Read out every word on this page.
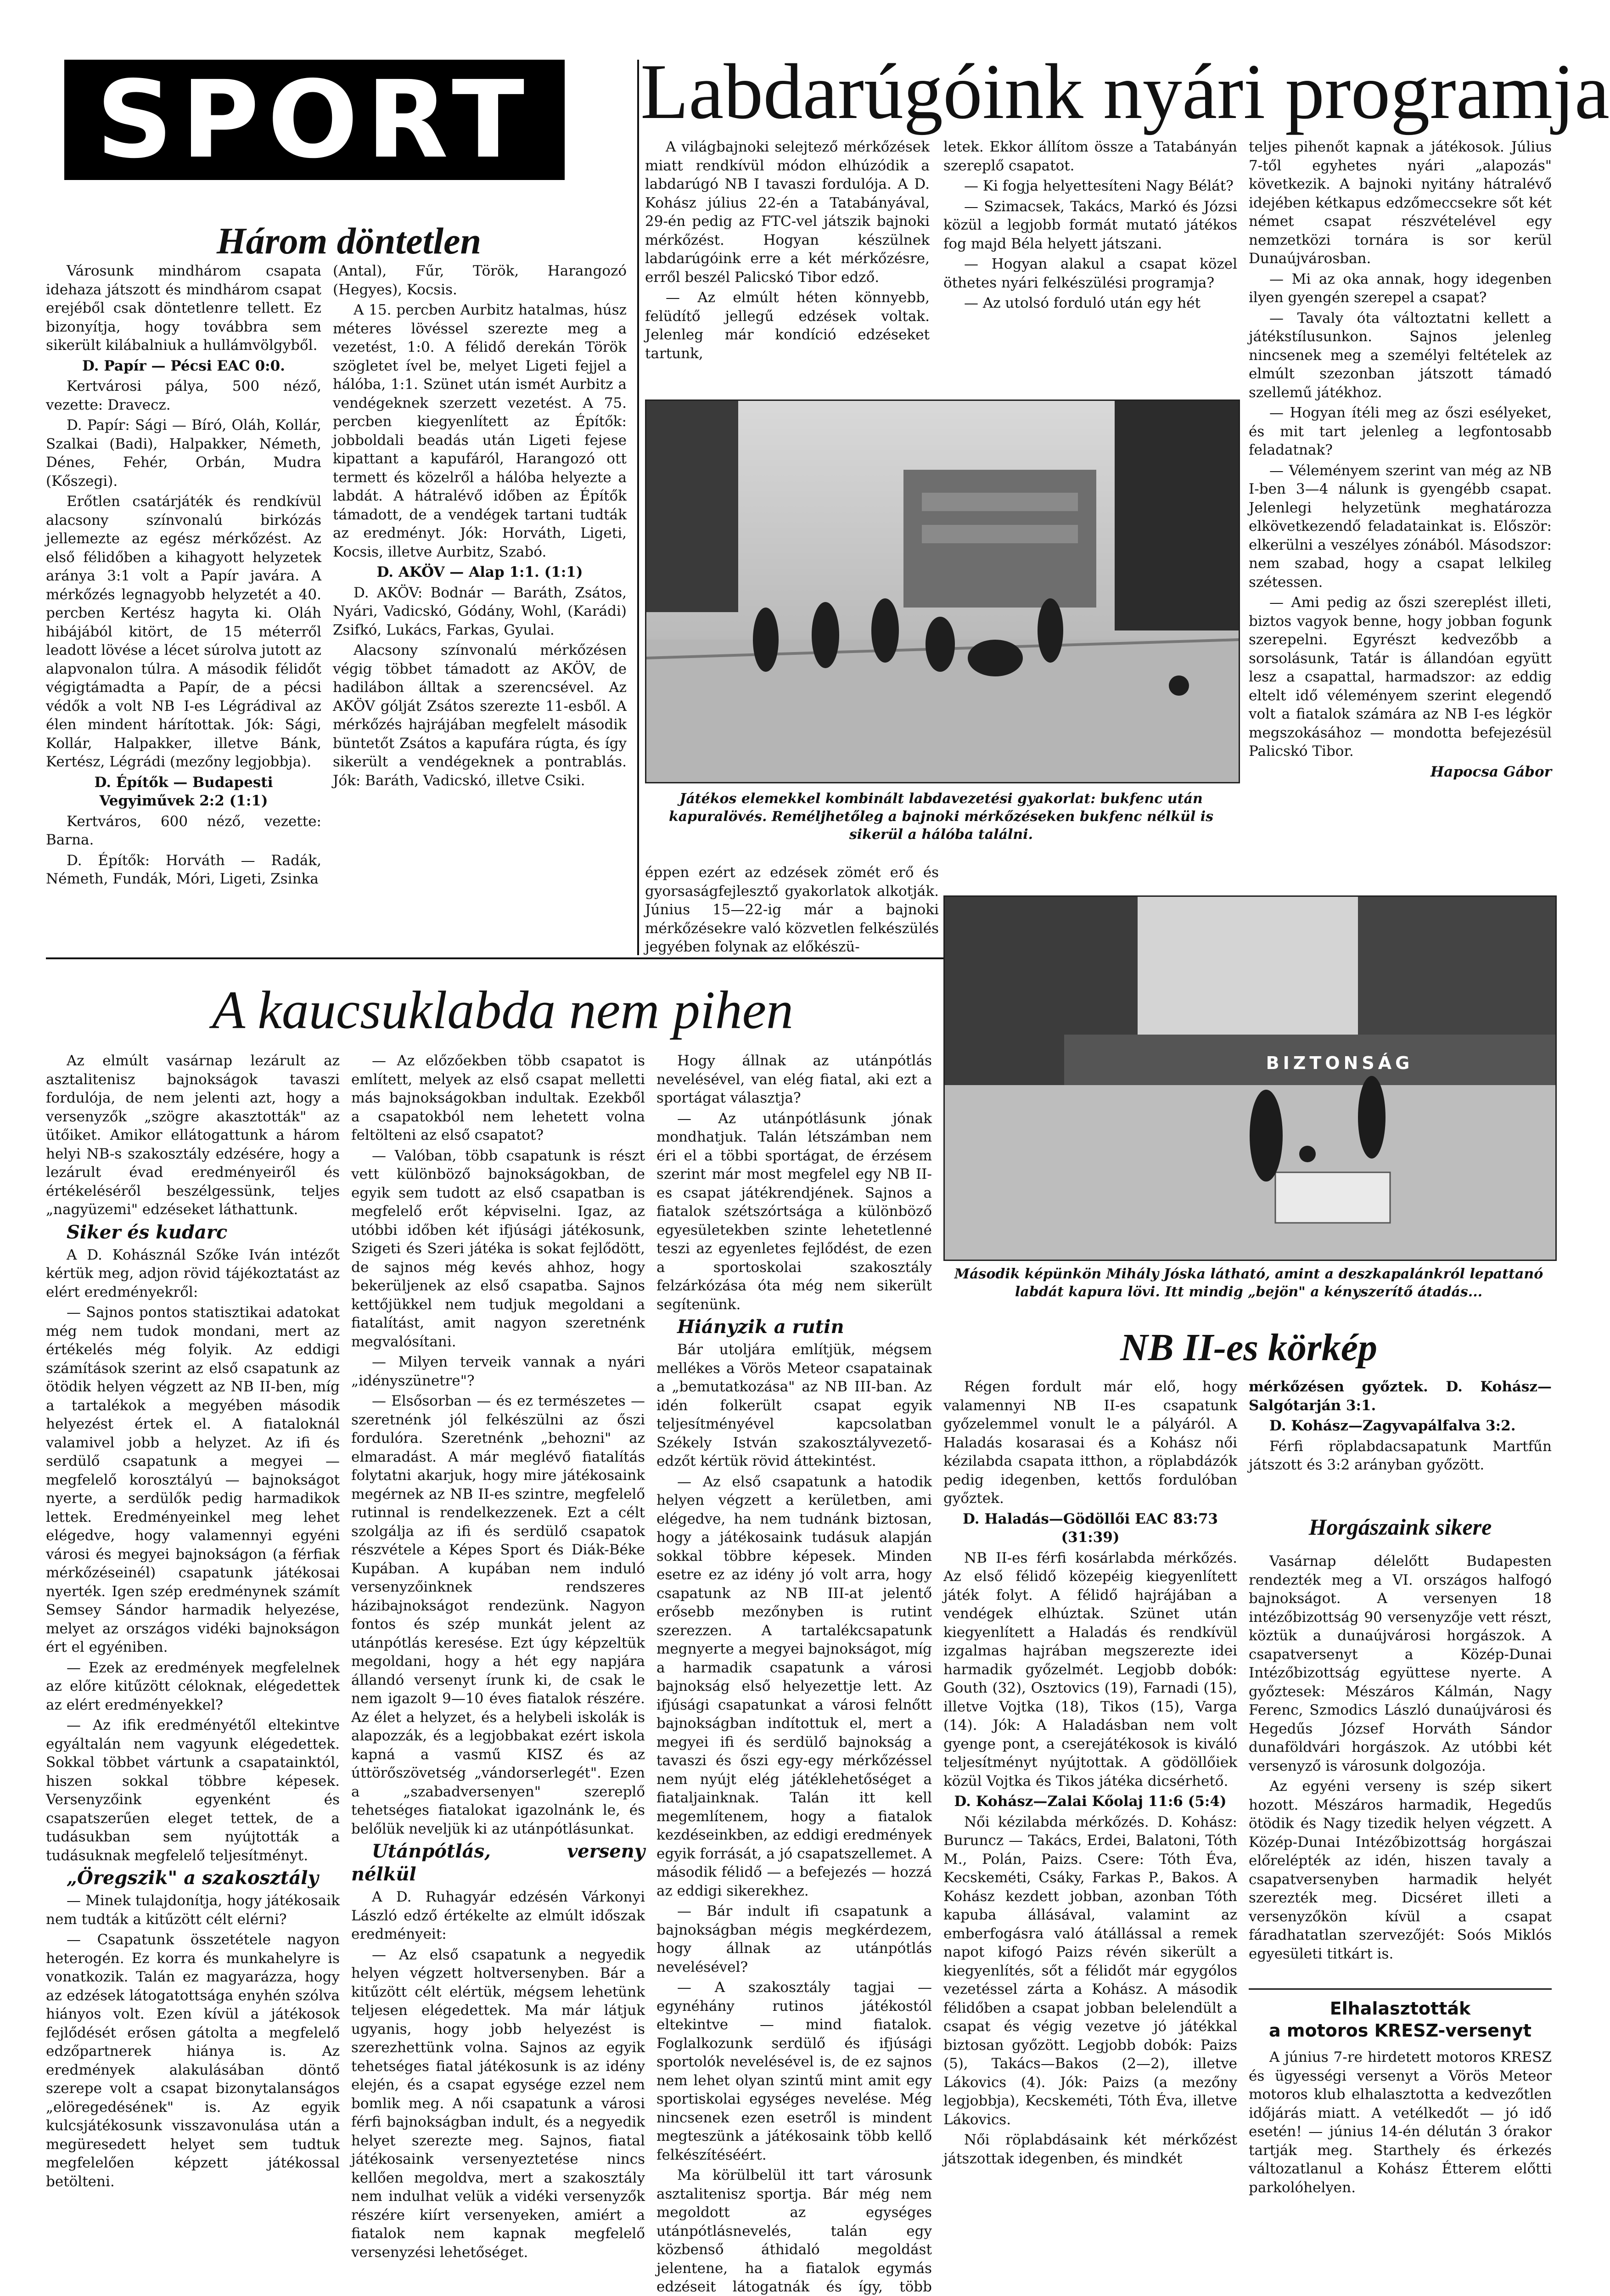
SPORT	Labdarúgóink nyári programja
Három döntetlen

Városunk mindhárom csapata idehaza játszott és mindhárom csapat erejéből csak döntetlenre tellett. Ez bizonyítja, hogy továbbra sem sikerült kilábalniuk a hullámvölgyből.

D. Papír — Pécsi EAC 0:0.

Kertvárosi pálya, 500 néző, vezette: Dravecz.

D. Papír: Sági — Bíró, Oláh, Kollár, Szalkai (Badi), Halpakker, Németh, Dénes, Fehér, Orbán, Mudra (Kőszegi).

Erőtlen csatárjáték és rendkívül alacsony színvonalú birkózás jellemezte az egész mérkőzést. Az első félidőben a kihagyott helyzetek aránya 3:1 volt a Papír javára. A mérkőzés legnagyobb helyzetét a 40. percben Kertész hagyta ki. Oláh hibájából kitört, de 15 méterről leadott lövése a lécet súrolva jutott az alapvonalon túlra. A második félidőt végigtámadta a Papír, de a pécsi védők a volt NB I-es Légrádival az élen mindent hárítottak. Jók: Sági, Kollár, Halpakker, illetve Bánk, Kertész, Légrádi (mezőny legjobbja).

D. Építők — Budapesti Vegyiművek 2:2 (1:1)

Kertváros, 600 néző, vezette: Barna.

D. Építők: Horváth — Radák, Németh, Fundák, Móri, Ligeti, Zsinka

(Antal), Fűr, Török, Harangozó (Hegyes), Kocsis.

A 15. percben Aurbitz hatalmas, húsz méteres lövéssel szerezte meg a vezetést, 1:0. A félidő derekán Török szögletet ível be, melyet Ligeti fejjel a hálóba, 1:1. Szünet után ismét Aurbitz a vendégeknek szerzett vezetést. A 75. percben kiegyenlített az Építők: jobboldali beadás után Ligeti fejese kipattant a kapufáról, Harangozó ott termett és közelről a hálóba helyezte a labdát. A hátralévő időben az Építők támadott, de a vendégek tartani tudták az eredményt. Jók: Horváth, Ligeti, Kocsis, illetve Aurbitz, Szabó.

D. AKÖV — Alap 1:1. (1:1)

D. AKÖV: Bodnár — Baráth, Zsátos, Nyári, Vadicskó, Gódány, Wohl, (Karádi) Zsifkó, Lukács, Farkas, Gyulai.

Alacsony színvonalú mérkőzésen végig többet támadott az AKÖV, de hadilábon álltak a szerencsével. Az AKÖV gólját Zsátos szerezte 11-esből. A mérkőzés hajrájában megfelelt második büntetőt Zsátos a kapufára rúgta, és így sikerült a vendégeknek a pontrablás. Jók: Baráth, Vadicskó, illetve Csiki.

A világbajnoki selejtező mérkőzések miatt rendkívül módon elhúzódik a labdarúgó NB I tavaszi fordulója. A D. Kohász július 22-én a Tatabányával, 29-én pedig az FTC-vel játszik bajnoki mérkőzést. Hogyan készülnek labdarúgóink erre a két mérkőzésre, erről beszél Palicskó Tibor edző.

— Az elmúlt héten könnyebb, felüdítő jellegű edzések voltak. Jelenleg már kondíció edzéseket tartunk,

letek. Ekkor állítom össze a Tatabányán szereplő csapatot.

— Ki fogja helyettesíteni Nagy Bélát?

— Szimacsek, Takács, Markó és Józsi közül a legjobb formát mutató játékos fog majd Béla helyett játszani.

— Hogyan alakul a csapat közel öthetes nyári felkészülési programja?

— Az utolsó forduló után egy hét

teljes pihenőt kapnak a játékosok. Július 7-től egyhetes nyári „alapozás" következik. A bajnoki nyitány hátralévő idejében kétkapus edzőmeccsekre sőt két német csapat részvételével egy nemzetközi tornára is sor kerül Dunaújvárosban.

— Mi az oka annak, hogy idegenben ilyen gyengén szerepel a csapat?

— Tavaly óta változtatni kellett a játékstílusunkon. Sajnos jelenleg nincsenek meg a személyi feltételek az elmúlt szezonban játszott támadó szellemű játékhoz.

— Hogyan ítéli meg az őszi esélyeket, és mit tart jelenleg a legfontosabb feladatnak?

— Véleményem szerint van még az NB I-ben 3—4 nálunk is gyengébb csapat. Jelenlegi helyzetünk meghatározza elkövetkezendő feladatainkat is. Először: elkerülni a veszélyes zónából. Másodszor: nem szabad, hogy a csapat lelkileg szétessen.

— Ami pedig az őszi szereplést illeti, biztos vagyok benne, hogy jobban fogunk szerepelni. Egyrészt kedvezőbb a sorsolásunk, Tatár is állandóan együtt lesz a csapattal, harmadszor: az eddig eltelt idő véleményem szerint elegendő volt a fiatalok számára az NB I-es légkör megszokásához — mondotta befejezésül Palicskó Tibor.

Haросsa Gábor

Játékos elemekkel kombinált labdavezetési gyakorlat: bukfenc után kapuralövés. Reméljhetőleg a bajnoki mérkőzéseken bukfenc nélkül is sikerül a hálóba találni.

éppen ezért az edzések zömét erő és gyorsaságfejlesztő gyakorlatok alkotják. Június 15—22-ig már a bajnoki mérkőzésekre való közvetlen felkészülés jegyében folynak az előkészü-

BIZTONSÁG
Második képünkön Mihály Jóska látható, amint a deszkapalánkról lepattanó labdát kapura lövi. Itt mindig „bejön" a kényszerítő átadás...
A kaucsuklabda nem pihen

Az elmúlt vasárnap lezárult az asztalitenisz bajnokságok tavaszi fordulója, de nem jelenti azt, hogy a versenyzők „szögre akasztották" az ütőiket. Amikor ellátogattunk a három helyi NB-s szakosztály edzésére, hogy a lezárult évad eredményeiről és értékeléséről beszélgessünk, teljes „nagyüzemi" edzéseket láthattunk.

Siker és kudarc

A D. Kohásznál Szőke Iván intézőt kértük meg, adjon rövid tájékoztatást az elért eredményekről:

— Sajnos pontos statisztikai adatokat még nem tudok mondani, mert az értékelés még folyik. Az eddigi számítások szerint az első csapatunk az ötödik helyen végzett az NB II-ben, míg a tartalékok a megyében második helyezést értek el. A fiataloknál valamivel jobb a helyzet. Az ifi és serdülő csapatunk a megyei — megfelelő korosztályú — bajnokságot nyerte, a serdülők pedig harmadikok lettek. Eredményeinkel meg lehet elégedve, hogy valamennyi egyéni városi és megyei bajnokságon (a férfiak mérkőzéseinél) csapatunk játékosai nyerték. Igen szép eredménynek számít Semsey Sándor harmadik helyezése, melyet az országos vidéki bajnokságon ért el egyéniben.

— Ezek az eredmények megfelelnek az előre kitűzött céloknak, elégedettek az elért eredményekkel?

— Az ifik eredményétől eltekintve egyáltalán nem vagyunk elégedettek. Sokkal többet vártunk a csapatainktól, hiszen sokkal többre képesek. Versenyzőink egyenként és csapatszerűen eleget tettek, de a tudásukban sem nyújtották a tudásuknak megfelelő teljesítményt.

„Öregszik" a szakosztály

— Minek tulajdonítja, hogy játékosaik nem tudták a kitűzött célt elérni?

— Csapatunk összetétele nagyon heterogén. Ez korra és munkahelyre is vonatkozik. Talán ez magyarázza, hogy az edzések látogatottsága enyhén szólva hiányos volt. Ezen kívül a játékosok fejlődését erősen gátolta a megfelelő edzőpartnerek hiánya is. Az eredmények alakulásában döntő szerepe volt a csapat bizonytalanságos „elöregedésének" is. Az egyik kulcsjátékosunk visszavonulása után a megüresedett helyet sem tudtuk megfelelően képzett játékossal betölteni.

— Az előzőekben több csapatot is említett, melyek az első csapat melletti más bajnokságokban indultak. Ezekből a csapatokból nem lehetett volna feltölteni az első csapatot?

— Valóban, több csapatunk is részt vett különböző bajnokságokban, de egyik sem tudott az első csapatban is megfelelő erőt képviselni. Igaz, az utóbbi időben két ifjúsági játékosunk, Szigeti és Szeri játéka is sokat fejlődött, de sajnos még kevés ahhoz, hogy bekerüljenek az első csapatba. Sajnos kettőjükkel nem tudjuk megoldani a fiatalítást, amit nagyon szeretnénk megvalósítani.

— Milyen terveik vannak a nyári „idényszünetre"?

— Elsősorban — és ez természetes — szeretnénk jól felkészülni az őszi fordulóra. Szeretnénk „behozni" az elmaradást. A már meglévő fiatalítás folytatni akarjuk, hogy mire játékosaink megérnek az NB II-es szintre, megfelelő rutinnal is rendelkezzenek. Ezt a célt szolgálja az ifi és serdülő csapatok részvétele a Képes Sport és Diák-Béke Kupában. A kupában nem induló versenyzőinknek rendszeres házibajnokságot rendezünk. Nagyon fontos és szép munkát jelent az utánpótlás keresése. Ezt úgy képzeltük megoldani, hogy a hét egy napjára állandó versenyt írunk ki, de csak le nem igazolt 9—10 éves fiatalok részére. Az élet a helyzet, és a helybeli iskolák is alapozzák, és a legjobbakat ezért iskola kapná a vasmű KISZ és az úttörőszövetség „vándorserlegét". Ezen a „szabadversenyen" szereplő tehetséges fiatalokat igazolnánk le, és belőlük neveljük ki az utánpótlásunkat.

Utánpótlás, verseny nélkül

A D. Ruhagyár edzésén Várkonyi László edző értékelte az elmúlt időszak eredményeit:

— Az első csapatunk a negyedik helyen végzett holtversenyben. Bár a kitűzött célt elértük, mégsem lehetünk teljesen elégedettek. Ma már látjuk ugyanis, hogy jobb helyezést is szerezhettünk volna. Sajnos az egyik tehetséges fiatal játékosunk is az idény elején, és a csapat egysége ezzel nem bomlik meg. A női csapatunk a városi férfi bajnokságban indult, és a negyedik helyet szerezte meg. Sajnos, fiatal játékosaink versenyeztetése nincs kellően megoldva, mert a szakosztály nem indulhat velük a vidéki versenyzők részére kiírt versenyeken, amiért a fiatalok nem kapnak megfelelő versenyzési lehetőséget.

Hogy állnak az utánpótlás nevelésével, van elég fiatal, aki ezt a sportágat választja?

— Az utánpótlásunk jónak mondhatjuk. Talán létszámban nem éri el a többi sportágat, de érzésem szerint már most megfelel egy NB II-es csapat játékrendjének. Sajnos a fiatalok szétszórtsága a különböző egyesületekben szinte lehetetlenné teszi az egyenletes fejlődést, de ezen a sportoskolai szakosztály felzárkózása óta még nem sikerült segítenünk.

Hiányzik a rutin

Bár utoljára említjük, mégsem mellékes a Vörös Meteor csapatainak a „bemutatkozása" az NB III-ban. Az idén folkerült csapat egyik teljesítményével kapcsolatban Székely István szakosztályvezető-edzőt kértük rövid áttekintést.

— Az első csapatunk a hatodik helyen végzett a kerületben, ami elégedve, ha nem tudnánk biztosan, hogy a játékosaink tudásuk alapján sokkal többre képesek. Minden esetre ez az idény jó volt arra, hogy csapatunk az NB III-at jelentő erősebb mezőnyben is rutint szerezzen. A tartalékcsapatunk megnyerte a megyei bajnokságot, míg a harmadik csapatunk a városi bajnokság első helyezettje lett. Az ifjúsági csapatunkat a városi felnőtt bajnokságban indítottuk el, mert a megyei ifi és serdülő bajnokság a tavaszi és őszi egy-egy mérkőzéssel nem nyújt elég játéklehetőséget a fiataljainknak. Talán itt kell megemlítenem, hogy a fiatalok kezdéseinkben, az eddigi eredmények egyik forrását, a jó csapatszellemet. A második félidő — a befejezés — hozzá az eddigi sikerekhez.

— Bár indult ifi csapatunk a bajnokságban mégis megkérdezem, hogy állnak az utánpótlás nevelésével?

— A szakosztály tagjai — egynéhány rutinos játékostól eltekintve — mind fiatalok. Foglalkozunk serdülő és ifjúsági sportolók nevelésével is, de ez sajnos nem lehet olyan szintű mint amit egy sportiskolai egységes nevelése. Még nincsenek ezen esetről is mindent megteszünk a játékosaink több kellő felkészítéséért.

Ma körülbelül itt tart városunk asztalitenisz sportja. Bár még nem megoldott az egységes utánpótlásnevelés, talán egy közbenső áthidaló megoldást jelentene, ha a fiatalok egymás edzéseit látogatnák és így, több

NB II-es körkép

Régen fordult már elő, hogy valamennyi NB II-es csapatunk győzelemmel vonult le a pályáról. A Haladás kosarasai és a Kohász női kézilabda csapata itthon, a röplabdázók pedig idegenben, kettős fordulóban győztek.

D. Haladás—Gödöllői EAC 83:73 (31:39)

NB II-es férfi kosárlabda mérkőzés. Az első félidő közepéig kiegyenlített játék folyt. A félidő hajrájában a vendégek elhúztak. Szünet után kiegyenlített a Haladás és rendkívül izgalmas hajrában megszerezte idei harmadik győzelmét. Legjobb dobók: Gouth (32), Osztovics (19), Farnadi (15), illetve Vojtka (18), Tikos (15), Varga (14). Jók: A Haladásban nem volt gyenge pont, a cserejátékosok is kiváló teljesítményt nyújtottak. A gödöllőiek közül Vojtka és Tikos játéka dicsérhető.

D. Kohász—Zalai Kőolaj 11:6 (5:4)

Női kézilabda mérkőzés. D. Kohász: Buruncz — Takács, Erdei, Balatoni, Tóth M., Polán, Paizs. Csere: Tóth Éva, Kecskeméti, Csáky, Farkas P., Bakos. A Kohász kezdett jobban, azonban Tóth kapuba állásával, valamint az emberfogásra való átállással a remek napot kifogó Paizs révén sikerült a kiegyenlítés, sőt a félidőt már egygólos vezetéssel zárta a Kohász. A második félidőben a csapat jobban belelendült a csapat és végig vezetve jó játékkal biztosan győzött. Legjobb dobók: Paizs (5), Takács—Bakos (2—2), illetve Lákovics (4). Jók: Paizs (a mezőny legjobbja), Kecskeméti, Tóth Éva, illetve Lákovics.

Női röplabdásaink két mérkőzést játszottak idegenben, és mindkét

mérkőzésen győztek. D. Kohász—Salgótarján 3:1.

D. Kohász—Zagyvapálfalva 3:2.

Férfi röplabdacsapatunk Martfűn játszott és 3:2 arányban győzött.

Horgászaink sikere

Vasárnap délelőtt Budapesten rendezték meg a VI. országos halfogó bajnokságot. A versenyen 18 intézőbizottság 90 versenyzője vett részt, köztük a dunaújvárosi horgászok. A csapatversenyt a Közép-Dunai Intézőbizottság együttese nyerte. A győztesek: Mészáros Kálmán, Nagy Ferenc, Szmodics László dunaújvárosi és Hegedűs József Horváth Sándor dunaföldvári horgászok. Az utóbbi két versenyző is városunk dolgozója.

Az egyéni verseny is szép sikert hozott. Mészáros harmadik, Hegedűs ötödik és Nagy tizedik helyen végzett. A Közép-Dunai Intézőbizottság horgászai előrelépték az idén, hiszen tavaly a csapatversenyben harmadik helyét szerezték meg. Dicséret illeti a versenyzőkön kívül a csapat fáradhatatlan szervezőjét: Soós Miklós egyesületi titkárt is.

Elhalasztották
a motoros KRESZ-versenyt

A június 7-re hirdetett motoros KRESZ és ügyességi versenyt a Vörös Meteor motoros klub elhalasztotta a kedvezőtlen időjárás miatt. A vetélkedőt — jó idő esetén! — június 14-én délután 3 órakor tartják meg. Starthely és érkezés változatlanul a Kohász Étterem előtti parkolóhelyen.
